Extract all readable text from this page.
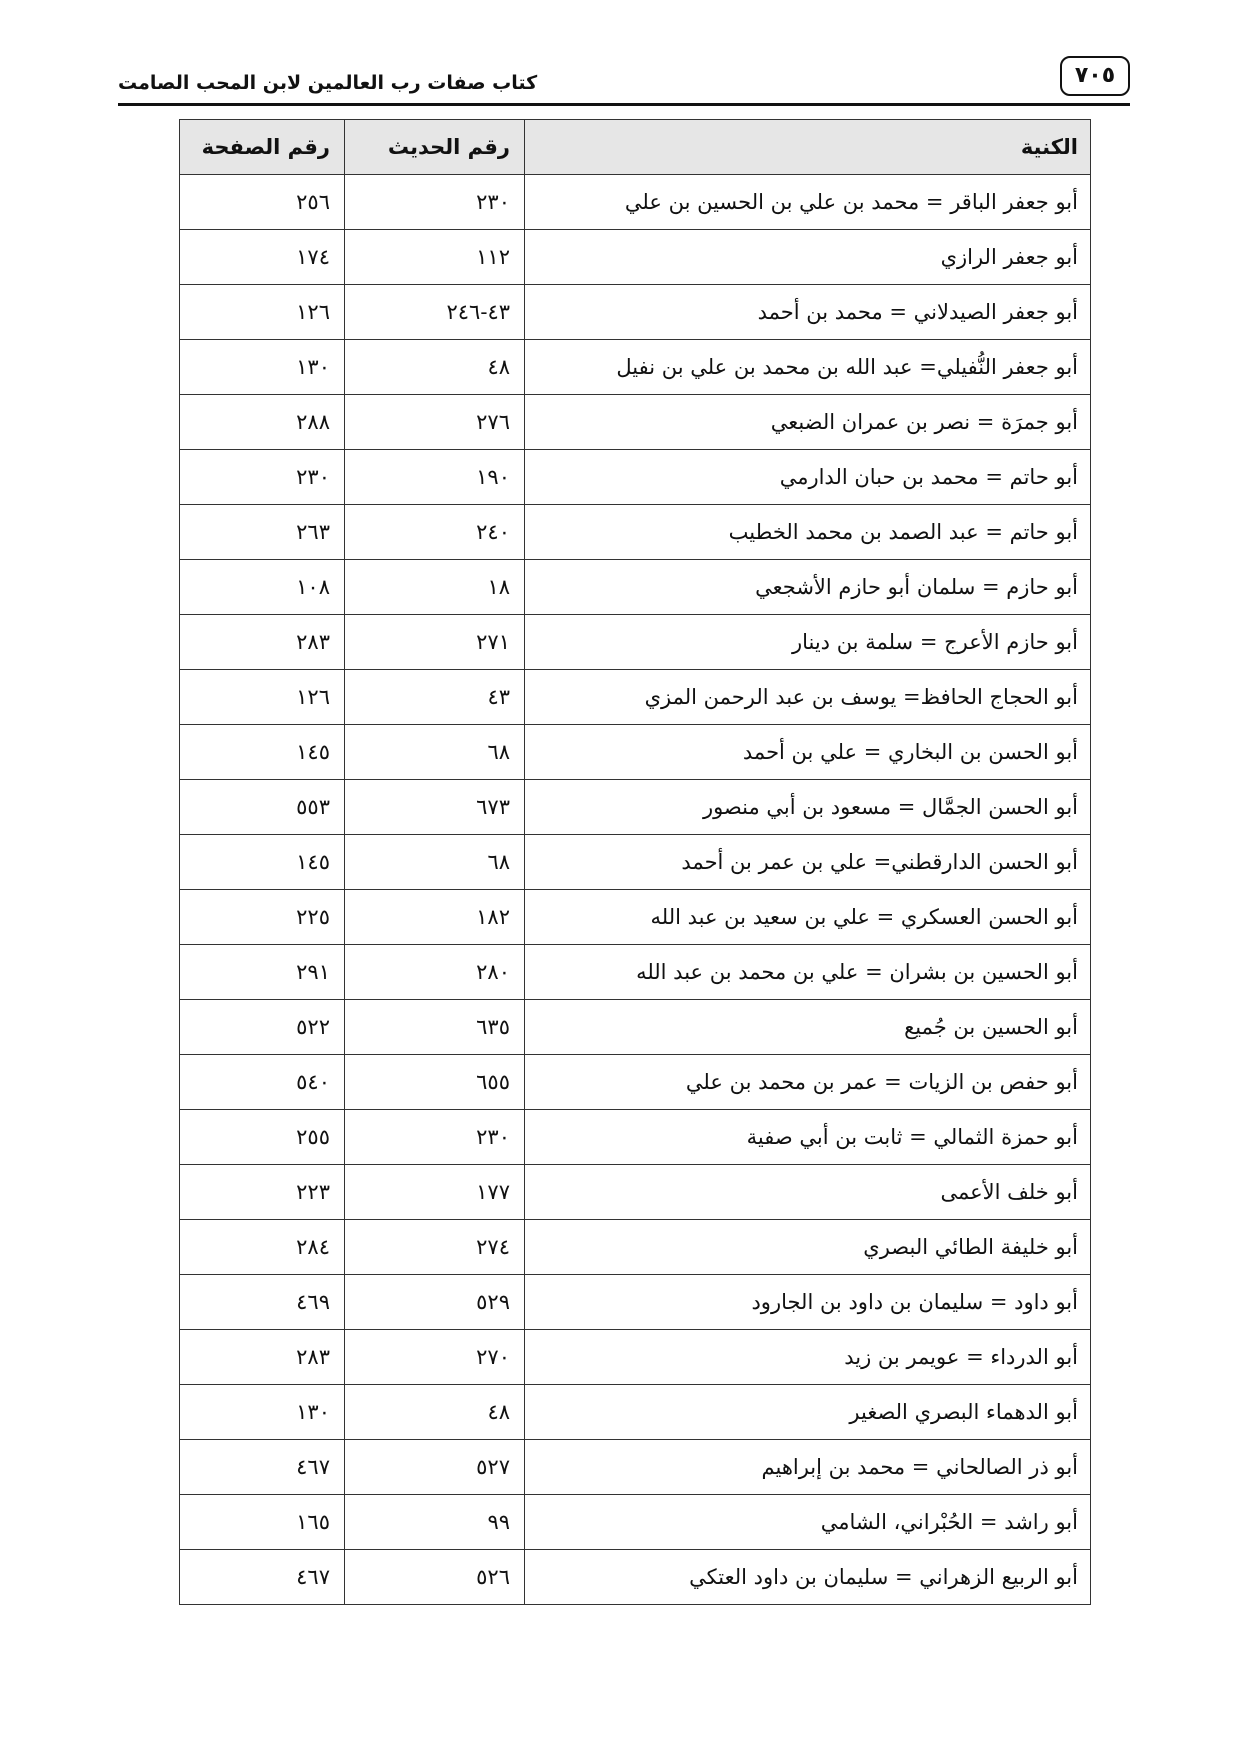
٧٠٥
كتاب صفات رب العالمين لابن المحب الصامت
الكنية	رقم الحديث	رقم الصفحة
أبو جعفر الباقر = محمد بن علي بن الحسين بن علي	٢٣٠	٢٥٦
أبو جعفر الرازي	١١٢	١٧٤
أبو جعفر الصيدلاني = محمد بن أحمد	٤٣-٢٤٦	١٢٦
أبو جعفر النُّفيلي= عبد الله بن محمد بن علي بن نفيل	٤٨	١٣٠
أبو جمرَة = نصر بن عمران الضبعي	٢٧٦	٢٨٨
أبو حاتم = محمد بن حبان الدارمي	١٩٠	٢٣٠
أبو حاتم = عبد الصمد بن محمد الخطيب	٢٤٠	٢٦٣
أبو حازم = سلمان أبو حازم الأشجعي	١٨	١٠٨
أبو حازم الأعرج = سلمة بن دينار	٢٧١	٢٨٣
أبو الحجاج الحافظ= يوسف بن عبد الرحمن المزي	٤٣	١٢٦
أبو الحسن بن البخاري = علي بن أحمد	٦٨	١٤٥
أبو الحسن الجمَّال = مسعود بن أبي منصور	٦٧٣	٥٥٣
أبو الحسن الدارقطني= علي بن عمر بن أحمد	٦٨	١٤٥
أبو الحسن العسكري = علي بن سعيد بن عبد الله	١٨٢	٢٢٥
أبو الحسين بن بشران = علي بن محمد بن عبد الله	٢٨٠	٢٩١
أبو الحسين بن جُميع	٦٣٥	٥٢٢
أبو حفص بن الزيات = عمر بن محمد بن علي	٦٥٥	٥٤٠
أبو حمزة الثمالي = ثابت بن أبي صفية	٢٣٠	٢٥٥
أبو خلف الأعمى	١٧٧	٢٢٣
أبو خليفة الطائي البصري	٢٧٤	٢٨٤
أبو داود = سليمان بن داود بن الجارود	٥٢٩	٤٦٩
أبو الدرداء = عويمر بن زيد	٢٧٠	٢٨٣
أبو الدهماء البصري الصغير	٤٨	١٣٠
أبو ذر الصالحاني = محمد بن إبراهيم	٥٢٧	٤٦٧
أبو راشد = الحُبْراني، الشامي	٩٩	١٦٥
أبو الربيع الزهراني = سليمان بن داود العتكي	٥٢٦	٤٦٧
